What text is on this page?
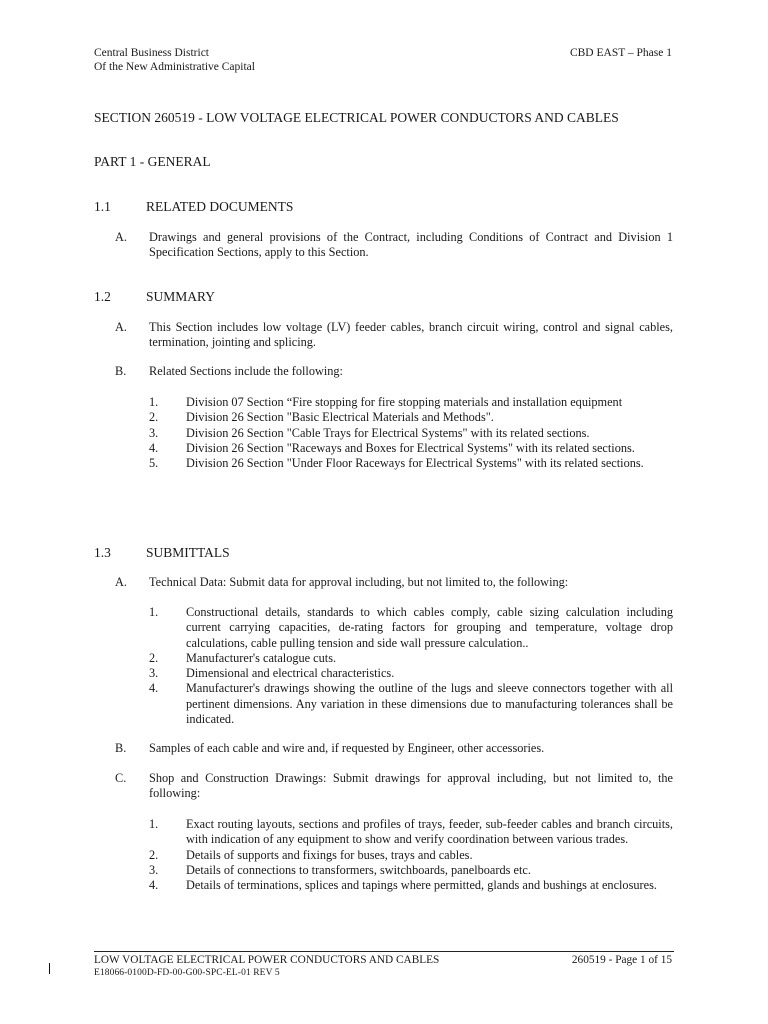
Central Business District
Of the New Administrative Capital
CBD EAST – Phase 1
SECTION 260519 - LOW VOLTAGE ELECTRICAL POWER CONDUCTORS AND CABLES
PART 1 - GENERAL
1.1	RELATED DOCUMENTS
A. Drawings and general provisions of the Contract, including Conditions of Contract and Division 1 Specification Sections, apply to this Section.
1.2	SUMMARY
A. This Section includes low voltage (LV) feeder cables, branch circuit wiring, control and signal cables, termination, jointing and splicing.
B. Related Sections include the following:
1. Division 07 Section “Fire stopping for fire stopping materials and installation equipment
2. Division 26 Section "Basic Electrical Materials and Methods".
3. Division 26 Section "Cable Trays for Electrical Systems" with its related sections.
4. Division 26 Section "Raceways and Boxes for Electrical Systems" with its related sections.
5. Division 26 Section "Under Floor Raceways for Electrical Systems" with its related sections.
1.3	SUBMITTALS
A. Technical Data: Submit data for approval including, but not limited to, the following:
1. Constructional details, standards to which cables comply, cable sizing calculation including current carrying capacities, de-rating factors for grouping and temperature, voltage drop calculations, cable pulling tension and side wall pressure calculation..
2. Manufacturer's catalogue cuts.
3. Dimensional and electrical characteristics.
4. Manufacturer's drawings showing the outline of the lugs and sleeve connectors together with all pertinent dimensions. Any variation in these dimensions due to manufacturing tolerances shall be indicated.
B. Samples of each cable and wire and, if requested by Engineer, other accessories.
C. Shop and Construction Drawings: Submit drawings for approval including, but not limited to, the following:
1. Exact routing layouts, sections and profiles of trays, feeder, sub-feeder cables and branch circuits, with indication of any equipment to show and verify coordination between various trades.
2. Details of supports and fixings for buses, trays and cables.
3. Details of connections to transformers, switchboards, panelboards etc.
4. Details of terminations, splices and tapings where permitted, glands and bushings at enclosures.
LOW VOLTAGE ELECTRICAL POWER CONDUCTORS AND CABLES	260519 - Page 1 of 15
E18066-0100D-FD-00-G00-SPC-EL-01 REV 5
